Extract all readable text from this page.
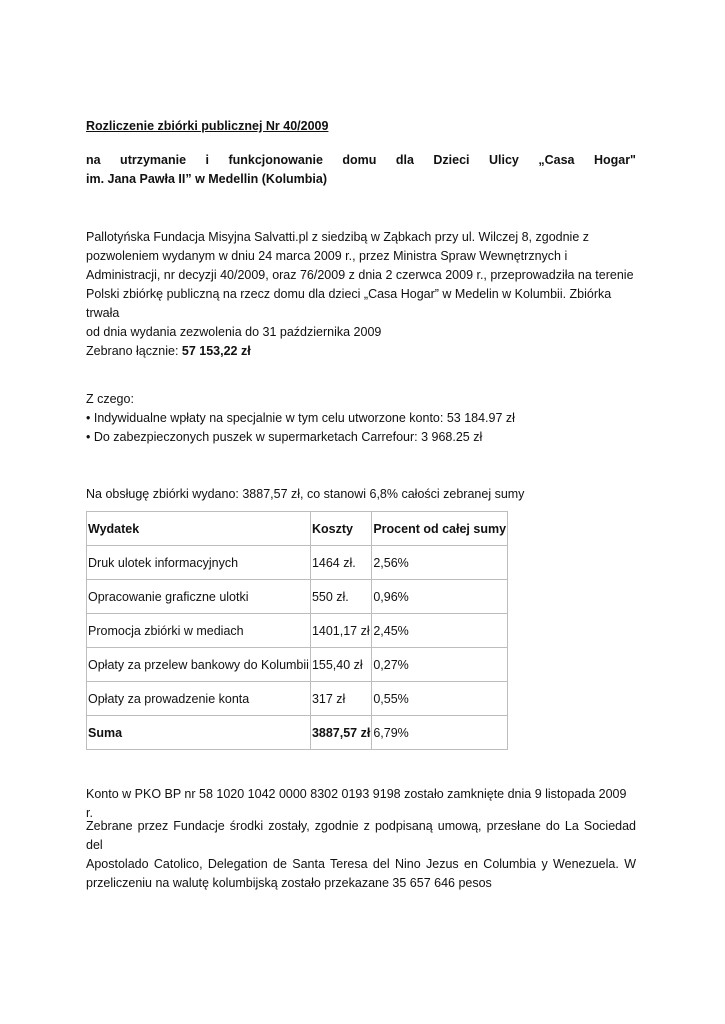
Rozliczenie zbiórki publicznej Nr 40/2009
na utrzymanie i funkcjonowanie domu dla Dzieci Ulicy „Casa Hogar"
im. Jana Pawła II” w Medellin (Kolumbia)
Pallotyńska Fundacja Misyjna Salvatti.pl z siedzibą w Ząbkach przy ul. Wilczej 8, zgodnie z
pozwoleniem wydanym w dniu 24 marca 2009 r., przez Ministra Spraw Wewnętrznych i
Administracji, nr decyzji 40/2009, oraz 76/2009 z dnia 2 czerwca 2009 r., przeprowadziła na terenie
Polski zbiórkę publiczną na rzecz domu dla dzieci „Casa Hogar” w Medelin w Kolumbii. Zbiórka trwała
od dnia wydania zezwolenia do 31 października 2009
Zebrano łącznie: 57 153,22 zł
Z czego:
• Indywidualne wpłaty na specjalnie w tym celu utworzone konto: 53 184.97 zł
• Do zabezpieczonych puszek w supermarketach Carrefour: 3 968.25 zł
Na obsługę zbiórki wydano: 3887,57 zł, co stanowi 6,8% całości zebranej sumy
Wydatek	Koszty	Procent od całej sumy
Druk ulotek informacyjnych	1464 zł.	2,56%
Opracowanie graficzne ulotki	550 zł.	0,96%
Promocja zbiórki w mediach	1401,17 zł	2,45%
Opłaty za przelew bankowy do Kolumbii	155,40 zł	0,27%
Opłaty za prowadzenie konta	317 zł	0,55%
Suma	3887,57 zł	6,79%
Konto w PKO BP nr 58 1020 1042 0000 8302 0193 9198 zostało zamknięte dnia 9 listopada 2009 r.
Zebrane przez Fundacje środki zostały, zgodnie z podpisaną umową, przesłane do La Sociedad del
Apostolado Catolico, Delegation de Santa Teresa del Nino Jezus en Columbia y Wenezuela. W
przeliczeniu na walutę kolumbijską zostało przekazane 35 657 646 pesos
